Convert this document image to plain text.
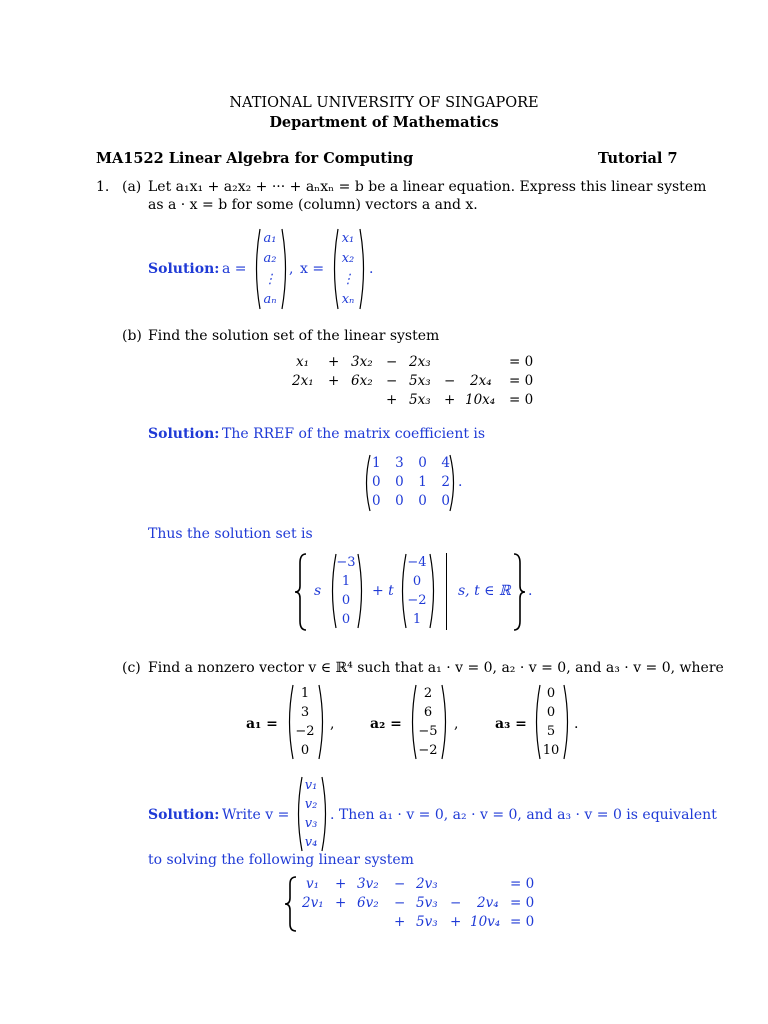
NATIONAL UNIVERSITY OF SINGAPORE
Department of Mathematics
MA1522 Linear Algebra for Computing	Tutorial 7
1. (a) Let a₁x₁ + a₂x₂ + ··· + aₙxₙ = b be a linear equation. Express this linear system
as a · x = b for some (column) vectors a and x.
Solution: a =
a₁
a₂
⋮
aₙ
, x =
x₁
x₂
⋮
xₙ
.
(b) Find the solution set of the linear system
x₁ + 3x₂ − 2x₃	= 0
2x₁ + 6x₂ − 5x₃ − 2x₄ = 0
+ 5x₃ + 10x₄ = 0
Solution: The RREF of the matrix coefficient is
1 3 0 4
0 0 1 2
0 0 0 0
.
Thus the solution set is
s
−3
1
0
0
+ t
−4
0
−2
1
s, t ∈ ℝ .
(c) Find a nonzero vector v ∈ ℝ⁴ such that a₁ · v = 0, a₂ · v = 0, and a₃ · v = 0, where
a₁ =
1
3
−2
0
,	a₂ =
2
6
−5
−2
,	a₃ =
0
0
5
10
.
Solution: Write v =
v₁
v₂
v₃
v₄
. Then a₁ · v = 0, a₂ · v = 0, and a₃ · v = 0 is equivalent
to solving the following linear system
v₁ + 3v₂ − 2v₃	= 0
2v₁ + 6v₂ − 5v₃ − 2v₄ = 0
+ 5v₃ + 10v₄ = 0
